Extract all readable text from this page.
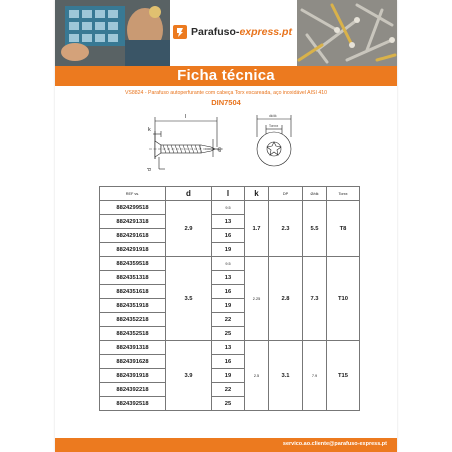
Parafuso-express.pt
Ficha técnica
VS8824 - Parafuso autoperfurante com cabeça Torx escareada, aço inoxidável AISI 410
DIN7504
l
k
dp
d
dk/dk
Torxxx
REF vs.	d	l	k	DP	Ø/dk	Torxx
8824299518	2.9	9.5	1.7	2.3	5.5	T8
8824291318		13				
8824291618		16				
8824291918		19				
8824359518	3.5	9.5	2.25	2.8	7.3	T10
8824351318		13				
8824351618		16				
8824351918		19				
8824352218		22				
8824352518		25				
8824391318	3.9	13	2.5	3.1	7.9	T15
8824391628		16				
8824391918		19				
8824392218		22				
8824392518		25				
servico.ao.cliente@parafuso-express.pt
